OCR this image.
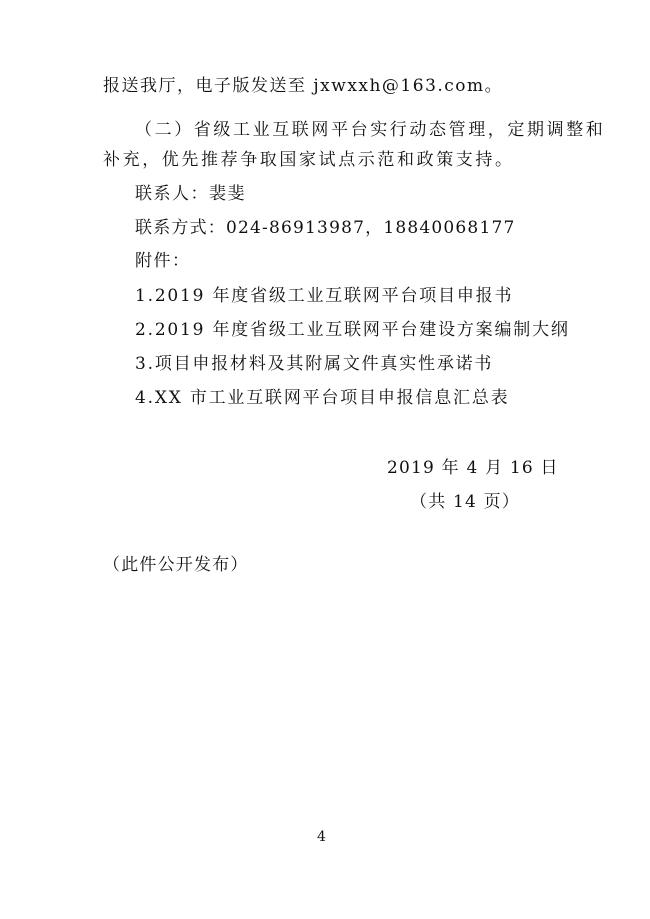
报送我厅，电子版发送至 jxwxxh@163.com。
（二）省级工业互联网平台实行动态管理，定期调整和
补充，优先推荐争取国家试点示范和政策支持。
联系人：裴斐
联系方式：024-86913987，18840068177
附件：
1.2019 年度省级工业互联网平台项目申报书
2.2019 年度省级工业互联网平台建设方案编制大纲
3.项目申报材料及其附属文件真实性承诺书
4.XX 市工业互联网平台项目申报信息汇总表
2019 年 4 月 16 日
（共 14 页）
（此件公开发布）
4
